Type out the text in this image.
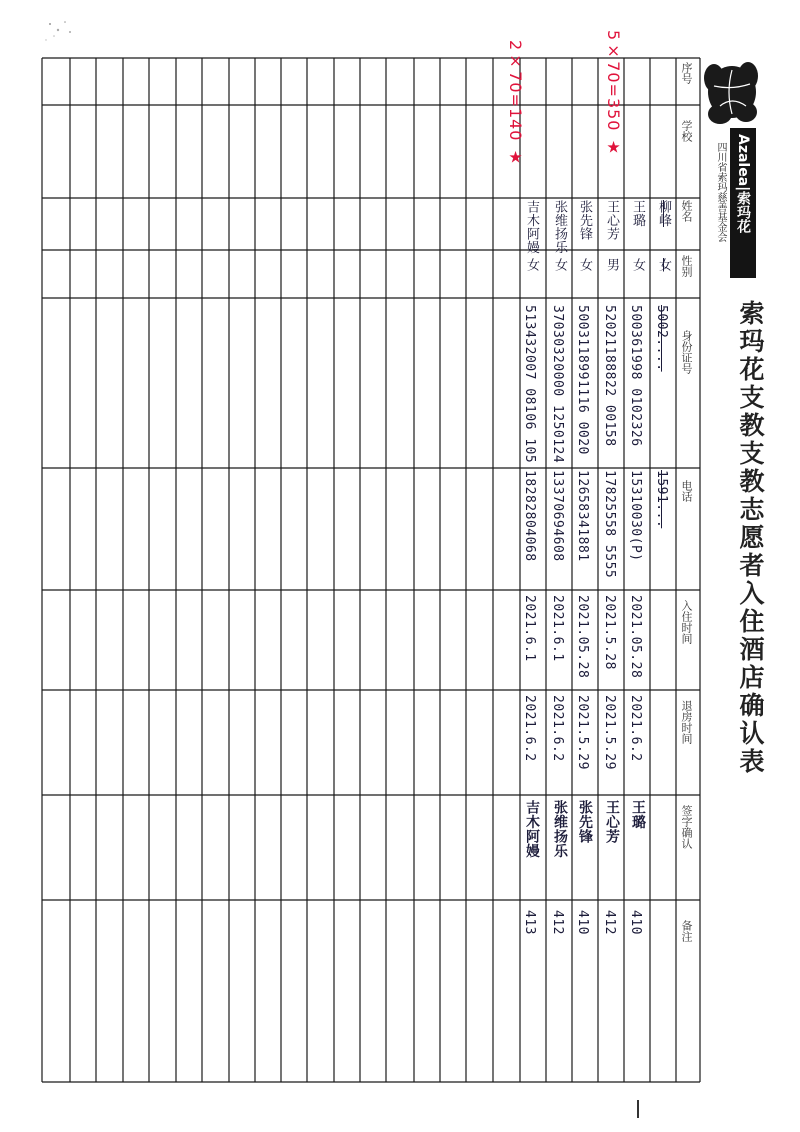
序号
学校
姓名
性别
身份证号
电话
入住时间
退房时间
签字确认
备注
索玛花支教支教志愿者入住酒店确认表
Azalea|索玛花
四川省索玛慈善基金会
柳峰
女
5002....
1591...
王璐
女
500361998 0102326
15310030(P)
2021.05.28
2021.6.2
王璐
410
王心芳
男
52021188822 00158
17825558 5555
2021.5.28
2021.5.29
王心芳
412
张先锋
女
5003118991116 0020
12658341881
2021.05.28
2021.5.29
张先锋
410
张维扬乐
女
37030320000 1250124
13370694608
2021.6.1
2021.6.2
张维扬乐
412
吉木阿嫚
女
513432007 08106 105
18282804068
2021.6.1
2021.6.2
吉木阿嫚
413
5×70=350 ★
2×70=140 ★
